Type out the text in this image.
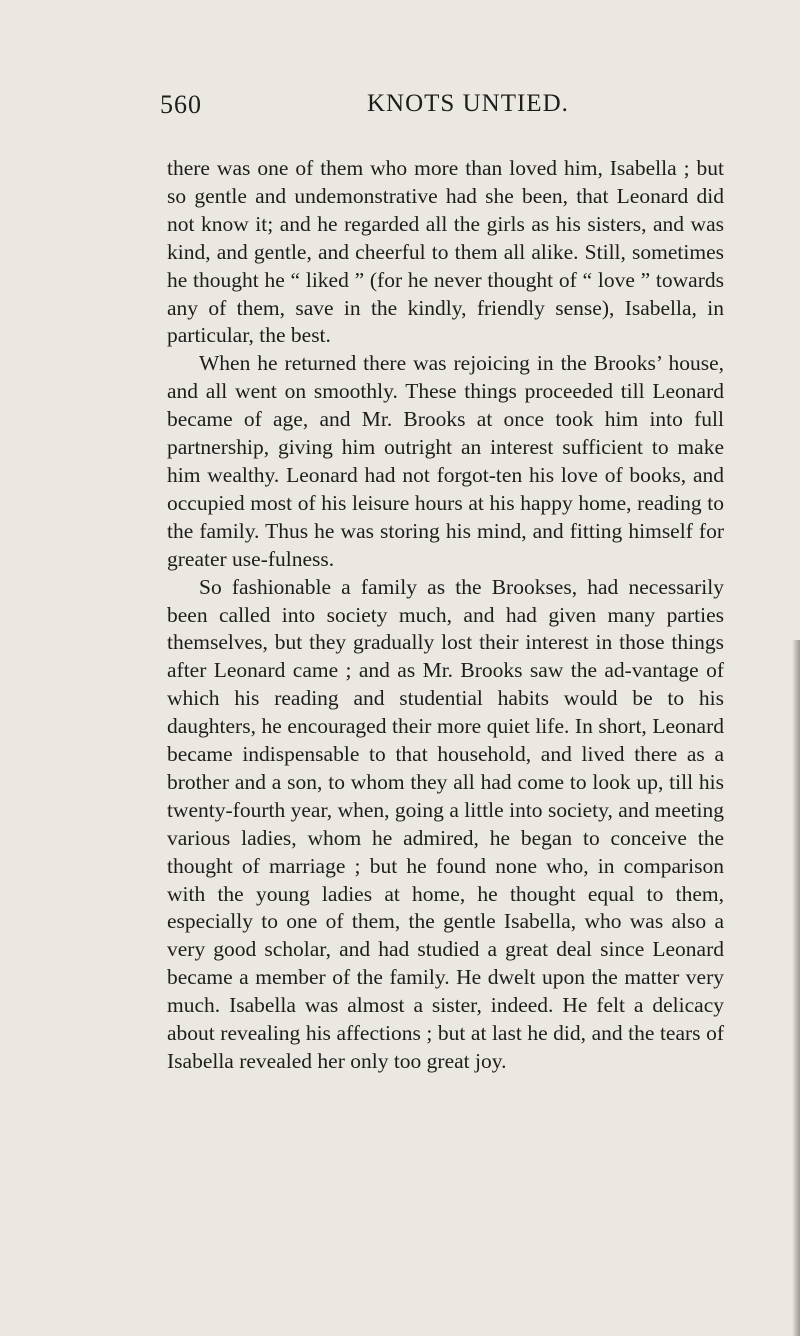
560	KNOTS UNTIED.

there was one of them who more than loved him, Isabella ; but so gentle and undemonstrative had she been, that Leonard did not know it; and he regarded all the girls as his sisters, and was kind, and gentle, and cheerful to them all alike. Still, sometimes he thought he “ liked ” (for he never thought of “ love ” towards any of them, save in the kindly, friendly sense), Isabella, in particular, the best.

When he returned there was rejoicing in the Brooks’ house, and all went on smoothly. These things proceeded till Leonard became of age, and Mr. Brooks at once took him into full partnership, giving him outright an interest sufficient to make him wealthy. Leonard had not forgot-ten his love of books, and occupied most of his leisure hours at his happy home, reading to the family. Thus he was storing his mind, and fitting himself for greater use-fulness.

So fashionable a family as the Brookses, had necessarily been called into society much, and had given many parties themselves, but they gradually lost their interest in those things after Leonard came ; and as Mr. Brooks saw the ad-vantage of which his reading and studential habits would be to his daughters, he encouraged their more quiet life. In short, Leonard became indispensable to that household, and lived there as a brother and a son, to whom they all had come to look up, till his twenty-fourth year, when, going a little into society, and meeting various ladies, whom he admired, he began to conceive the thought of marriage ; but he found none who, in comparison with the young ladies at home, he thought equal to them, especially to one of them, the gentle Isabella, who was also a very good scholar, and had studied a great deal since Leonard became a member of the family. He dwelt upon the matter very much. Isabella was almost a sister, indeed. He felt a delicacy about revealing his affections ; but at last he did, and the tears of Isabella revealed her only too great joy.
